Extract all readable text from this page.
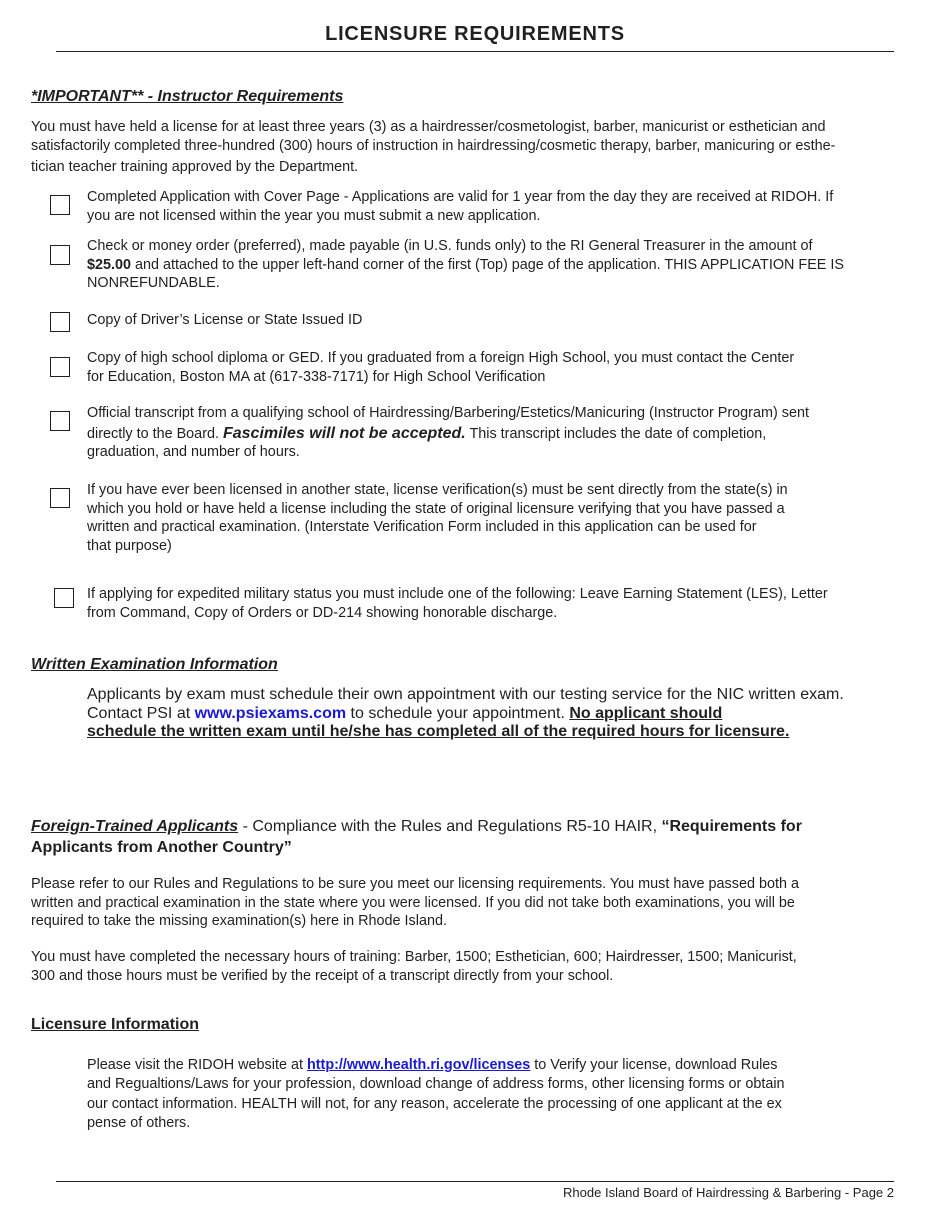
LICENSURE REQUIREMENTS
*IMPORTANT** - Instructor Requirements
You must have held a license for at least three years (3) as a hairdresser/cosmetologist, barber, manicurist or esthetician and
satisfactorily completed three-hundred (300) hours of instruction in hairdressing/cosmetic therapy, barber, manicuring or esthe-
tician teacher training approved by the Department.
Completed Application with Cover Page - Applications are valid for 1 year from the day they are received at RIDOH. If
you are not licensed within the year you must submit a new application.
Check or money order (preferred), made payable (in U.S. funds only) to the RI General Treasurer in the amount of
$25.00 and attached to the upper left-hand corner of the first (Top) page of the application. THIS APPLICATION FEE IS
NONREFUNDABLE.
Copy of Driver’s License or State Issued ID
Copy of high school diploma or GED. If you graduated from a foreign High School, you must contact the Center
for Education, Boston MA at (617-338-7171) for High School Verification
Official transcript from a qualifying school of Hairdressing/Barbering/Estetics/Manicuring (Instructor Program) sent
directly to the Board. Fascimiles will not be accepted. This transcript includes the date of completion,
graduation, and number of hours.
If you have ever been licensed in another state, license verification(s) must be sent directly from the state(s) in
which you hold or have held a license including the state of original licensure verifying that you have passed a
written and practical examination. (Interstate Verification Form included in this application can be used for
that purpose)
If applying for expedited military status you must include one of the following: Leave Earning Statement (LES), Letter
from Command, Copy of Orders or DD-214 showing honorable discharge.
Written Examination Information
Applicants by exam must schedule their own appointment with our testing service for the NIC written exam.
Contact PSI at www.psiexams.com to schedule your appointment. No applicant should
schedule the written exam until he/she has completed all of the required hours for licensure.
Foreign-Trained Applicants - Compliance with the Rules and Regulations R5-10 HAIR, “Requirements for
Applicants from Another Country”
Please refer to our Rules and Regulations to be sure you meet our licensing requirements. You must have passed both a
written and practical examination in the state where you were licensed. If you did not take both examinations, you will be
required to take the missing examination(s) here in Rhode Island.
You must have completed the necessary hours of training: Barber, 1500; Esthetician, 600; Hairdresser, 1500; Manicurist,
300 and those hours must be verified by the receipt of a transcript directly from your school.
Licensure Information
Please visit the RIDOH website at http://www.health.ri.gov/licenses to Verify your license, download Rules
and Regualtions/Laws for your profession, download change of address forms, other licensing forms or obtain
our contact information. HEALTH will not, for any reason, accelerate the processing of one applicant at the ex
pense of others.
Rhode Island Board of Hairdressing & Barbering - Page 2
